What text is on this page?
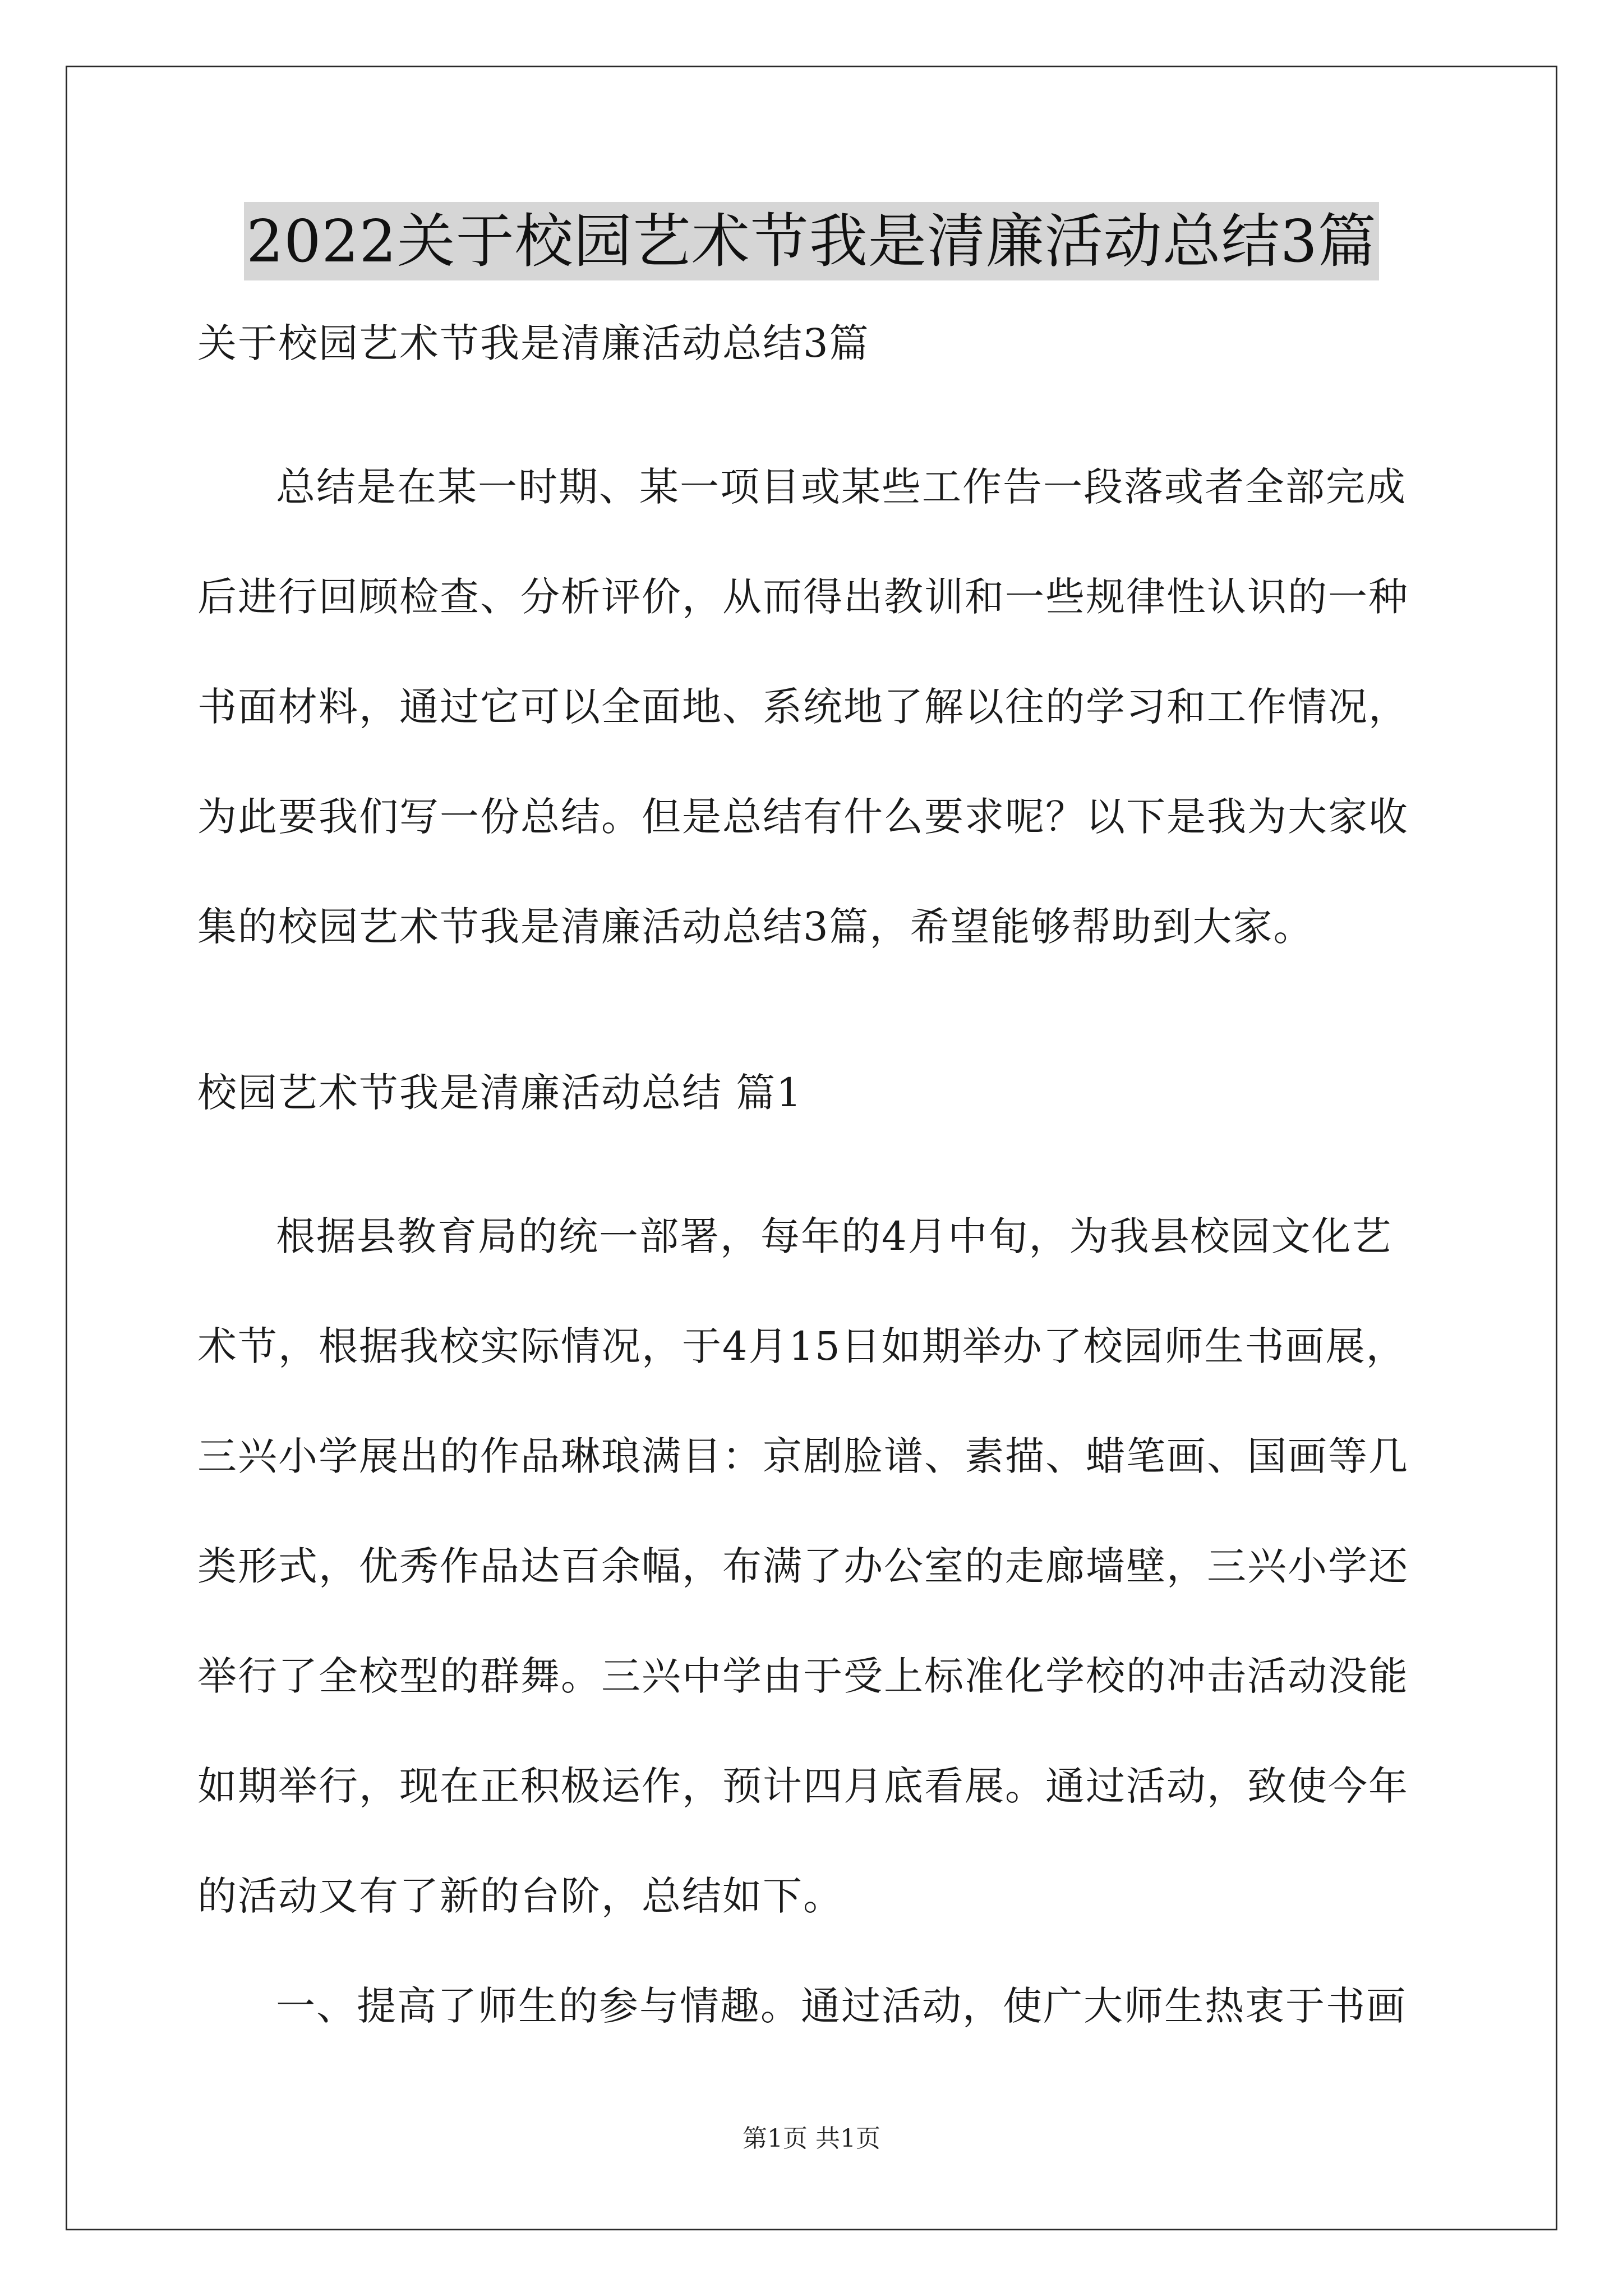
2022关于校园艺术节我是清廉活动总结3篇
关于校园艺术节我是清廉活动总结3篇
总结是在某一时期、某一项目或某些工作告一段落或者全部完成
后进行回顾检查、分析评价，从而得出教训和一些规律性认识的一种
书面材料，通过它可以全面地、系统地了解以往的学习和工作情况，
为此要我们写一份总结。但是总结有什么要求呢？以下是我为大家收
集的校园艺术节我是清廉活动总结3篇，希望能够帮助到大家。
校园艺术节我是清廉活动总结 篇1
根据县教育局的统一部署，每年的4月中旬，为我县校园文化艺
术节，根据我校实际情况，于4月15日如期举办了校园师生书画展，
三兴小学展出的作品琳琅满目：京剧脸谱、素描、蜡笔画、国画等几
类形式，优秀作品达百余幅，布满了办公室的走廊墙壁，三兴小学还
举行了全校型的群舞。三兴中学由于受上标准化学校的冲击活动没能
如期举行，现在正积极运作，预计四月底看展。通过活动，致使今年
的活动又有了新的台阶，总结如下。
一、提高了师生的参与情趣。通过活动，使广大师生热衷于书画
第1页 共1页
